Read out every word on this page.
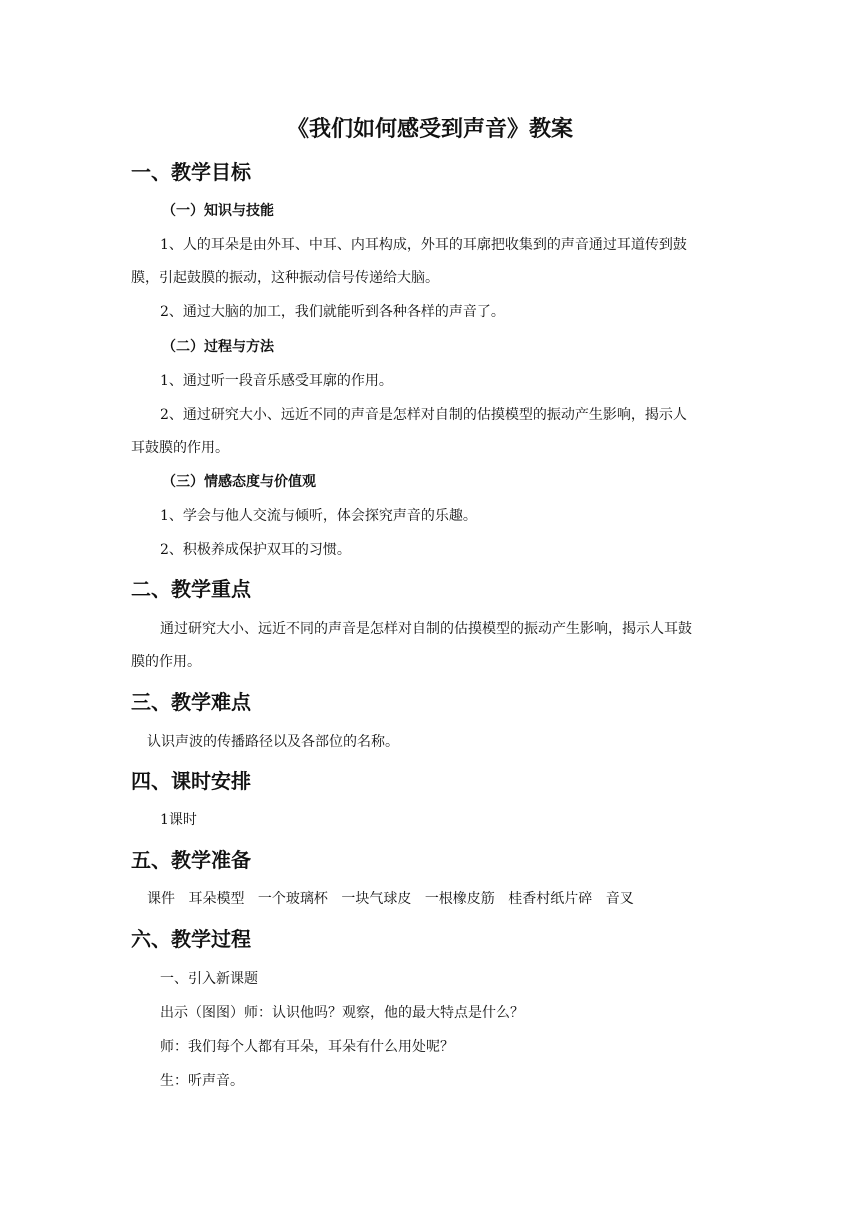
《我们如何感受到声音》教案
一、教学目标
（一）知识与技能
1、人的耳朵是由外耳、中耳、内耳构成，外耳的耳廓把收集到的声音通过耳道传到鼓
膜，引起鼓膜的振动，这种振动信号传递给大脑。
2、通过大脑的加工，我们就能听到各种各样的声音了。
（二）过程与方法
1、通过听一段音乐感受耳廓的作用。
2、通过研究大小、远近不同的声音是怎样对自制的估摸模型的振动产生影响，揭示人
耳鼓膜的作用。
（三）情感态度与价值观
1、学会与他人交流与倾听，体会探究声音的乐趣。
2、积极养成保护双耳的习惯。
二、教学重点
通过研究大小、远近不同的声音是怎样对自制的估摸模型的振动产生影响，揭示人耳鼓
膜的作用。
三、教学难点
认识声波的传播路径以及各部位的名称。
四、课时安排
1课时
五、教学准备
课件 耳朵模型 一个玻璃杯 一块气球皮 一根橡皮筋 桂香村纸片碎 音叉
六、教学过程
一、引入新课题
出示（图图）师：认识他吗？观察，他的最大特点是什么？
师：我们每个人都有耳朵，耳朵有什么用处呢？
生：听声音。
